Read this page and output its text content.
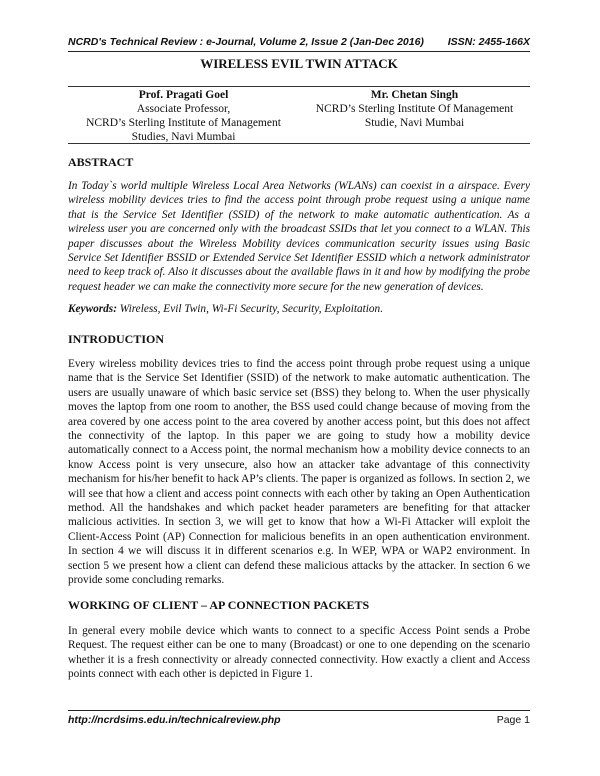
NCRD's Technical Review : e-Journal, Volume 2, Issue 2 (Jan-Dec 2016) ISSN: 2455-166X
WIRELESS EVIL TWIN ATTACK
Prof. Pragati Goel
Associate Professor,
NCRD’s Sterling Institute of Management
Studies, Navi Mumbai
Mr. Chetan Singh
NCRD’s Sterling Institute Of Management
Studie, Navi Mumbai
ABSTRACT

In Today`s world multiple Wireless Local Area Networks (WLANs) can coexist in a airspace. Every wireless mobility devices tries to find the access point through probe request using a unique name that is the Service Set Identifier (SSID) of the network to make automatic authentication. As a wireless user you are concerned only with the broadcast SSIDs that let you connect to a WLAN. This paper discusses about the Wireless Mobility devices communication security issues using Basic Service Set Identifier BSSID or Extended Service Set Identifier ESSID which a network administrator need to keep track of. Also it discusses about the available flaws in it and how by modifying the probe request header we can make the connectivity more secure for the new generation of devices.

Keywords: Wireless, Evil Twin, Wi-Fi Security, Security, Exploitation.

INTRODUCTION

Every wireless mobility devices tries to find the access point through probe request using a unique name that is the Service Set Identifier (SSID) of the network to make automatic authentication. The users are usually unaware of which basic service set (BSS) they belong to. When the user physically moves the laptop from one room to another, the BSS used could change because of moving from the area covered by one access point to the area covered by another access point, but this does not affect the connectivity of the laptop. In this paper we are going to study how a mobility device automatically connect to a Access point, the normal mechanism how a mobility device connects to an know Access point is very unsecure, also how an attacker take advantage of this connectivity mechanism for his/her benefit to hack AP’s clients. The paper is organized as follows. In section 2, we will see that how a client and access point connects with each other by taking an Open Authentication method. All the handshakes and which packet header parameters are benefiting for that attacker malicious activities. In section 3, we will get to know that how a Wi-Fi Attacker will exploit the Client-Access Point (AP) Connection for malicious benefits in an open authentication environment. In section 4 we will discuss it in different scenarios e.g. In WEP, WPA or WAP2 environment. In section 5 we present how a client can defend these malicious attacks by the attacker. In section 6 we provide some concluding remarks.

WORKING OF CLIENT – AP CONNECTION PACKETS

In general every mobile device which wants to connect to a specific Access Point sends a Probe Request. The request either can be one to many (Broadcast) or one to one depending on the scenario whether it is a fresh connectivity or already connected connectivity. How exactly a client and Access points connect with each other is depicted in Figure 1.

http://ncrdsims.edu.in/technicalreview.php	Page 1
